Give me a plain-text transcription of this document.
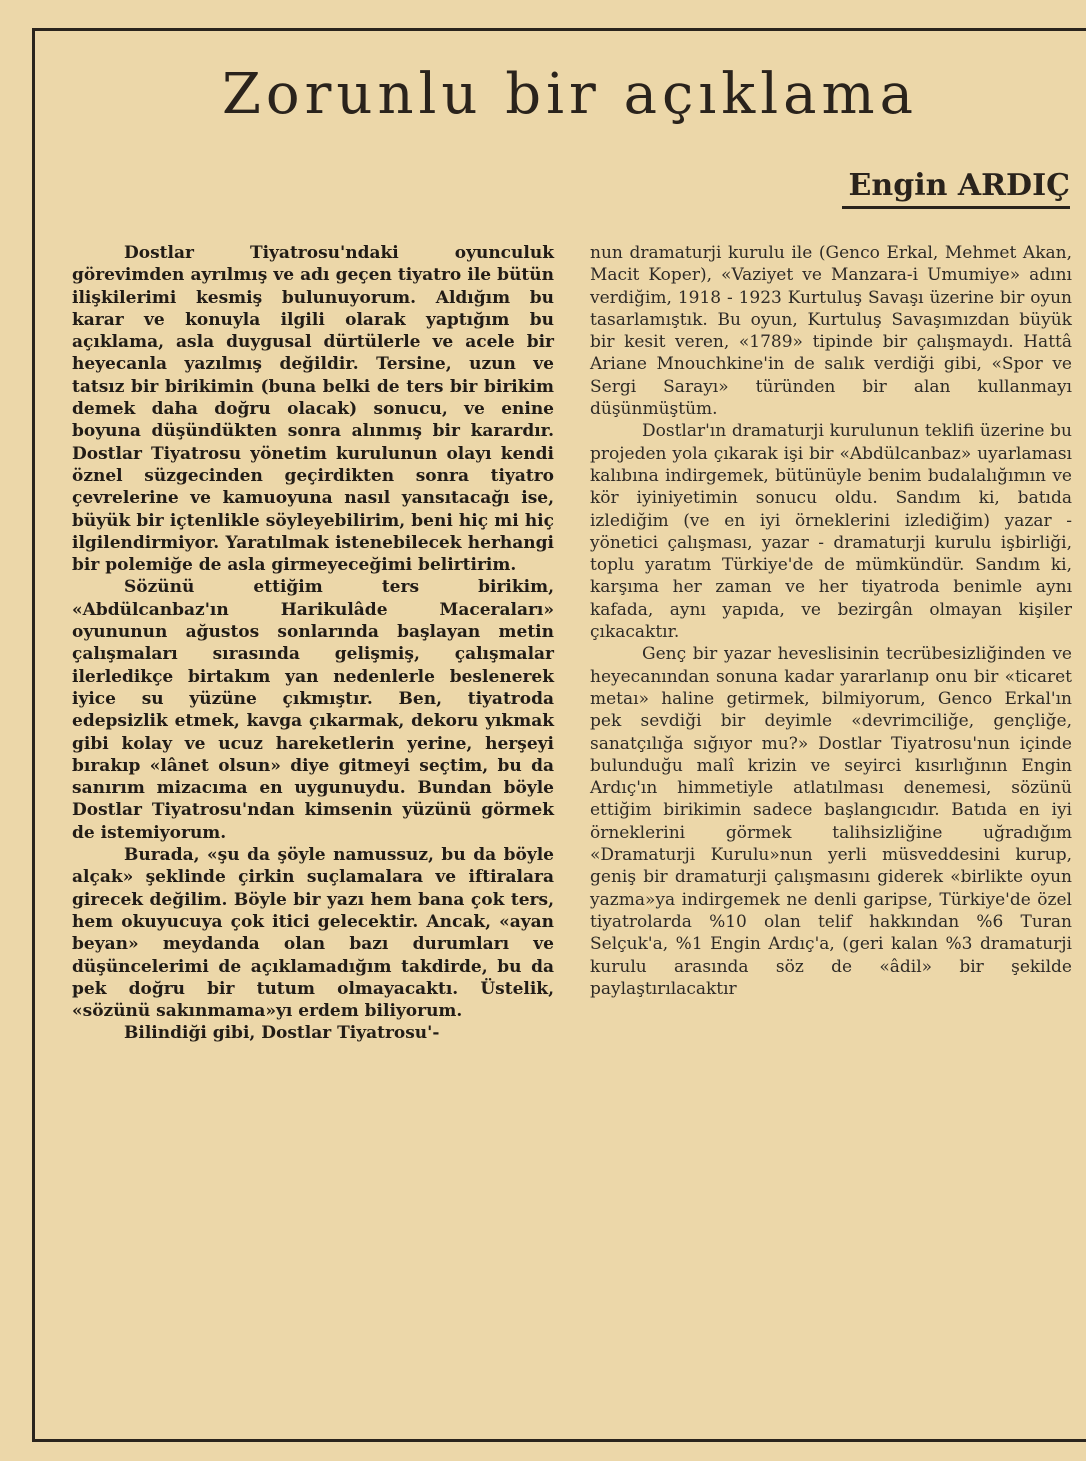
Zorunlu bir açıklama
Engin ARDIÇ

Dostlar Tiyatrosu'ndaki oyunculuk görevimden ayrılmış ve adı geçen tiyatro ile bütün ilişkilerimi kesmiş bulunuyorum. Aldığım bu karar ve konuyla ilgili olarak yaptığım bu açıklama, asla duygusal dürtülerle ve acele bir heyecanla yazılmış değildir. Tersine, uzun ve tatsız bir birikimin (buna belki de ters bir birikim demek daha doğru olacak) sonucu, ve enine boyuna düşündükten sonra alınmış bir karardır. Dostlar Tiyatrosu yönetim kurulunun olayı kendi öznel süzgecinden geçirdikten sonra tiyatro çevrelerine ve kamuoyuna nasıl yansıtacağı ise, büyük bir içtenlikle söyleyebilirim, beni hiç mi hiç ilgilendirmiyor. Yaratılmak istenebilecek herhangi bir polemiğe de asla girmeyeceğimi belirtirim.

Sözünü ettiğim ters birikim, «Abdülcanbaz'ın Harikulâde Maceraları» oyununun ağustos sonlarında başlayan metin çalışmaları sırasında gelişmiş, çalışmalar ilerledikçe birtakım yan nedenlerle beslenerek iyice su yüzüne çıkmıştır. Ben, tiyatroda edepsizlik etmek, kavga çıkarmak, dekoru yıkmak gibi kolay ve ucuz hareketlerin yerine, herşeyi bırakıp «lânet olsun» diye gitmeyi seçtim, bu da sanırım mizacıma en uygunuydu. Bundan böyle Dostlar Tiyatrosu'ndan kimsenin yüzünü görmek de istemiyorum.

Burada, «şu da şöyle namussuz, bu da böyle alçak» şeklinde çirkin suçlamalara ve iftiralara girecek değilim. Böyle bir yazı hem bana çok ters, hem okuyucuya çok itici gelecektir. Ancak, «ayan beyan» meydanda olan bazı durumları ve düşüncelerimi de açıklamadığım takdirde, bu da pek doğru bir tutum olmayacaktı. Üstelik, «sözünü sakınmama»yı erdem biliyorum.

Bilindiği gibi, Dostlar Tiyatrosu'-

nun dramaturji kurulu ile (Genco Erkal, Mehmet Akan, Macit Koper), «Vaziyet ve Manzara-i Umumiye» adını verdiğim, 1918 - 1923 Kurtuluş Savaşı üzerine bir oyun tasarlamıştık. Bu oyun, Kurtuluş Savaşımızdan büyük bir kesit veren, «1789» tipinde bir çalışmaydı. Hattâ Ariane Mnouchkine'in de salık verdiği gibi, «Spor ve Sergi Sarayı» türünden bir alan kullanmayı düşünmüştüm.

Dostlar'ın dramaturji kurulunun teklifi üzerine bu projeden yola çıkarak işi bir «Abdülcanbaz» uyarlaması kalıbına indirgemek, bütünüyle benim budalalığımın ve kör iyiniyetimin sonucu oldu. Sandım ki, batıda izlediğim (ve en iyi örneklerini izlediğim) yazar - yönetici çalışması, yazar - dramaturji kurulu işbirliği, toplu yaratım Türkiye'de de mümkündür. Sandım ki, karşıma her zaman ve her tiyatroda benimle aynı kafada, aynı yapıda, ve bezirgân olmayan kişiler çıkacaktır.

Genç bir yazar heveslisinin tecrübesizliğinden ve heyecanından sonuna kadar yararlanıp onu bir «ticaret metaı» haline getirmek, bilmiyorum, Genco Erkal'ın pek sevdiği bir deyimle «devrimciliğe, gençliğe, sanatçılığa sığıyor mu?» Dostlar Tiyatrosu'nun içinde bulunduğu malî krizin ve seyirci kısırlığının Engin Ardıç'ın himmetiyle atlatılması denemesi, sözünü ettiğim birikimin sadece başlangıcıdır. Batıda en iyi örneklerini görmek talihsizliğine uğradığım «Dramaturji Kurulu»nun yerli müsveddesini kurup, geniş bir dramaturji çalışmasını giderek «birlikte oyun yazma»ya indirgemek ne denli garipse, Türkiye'de özel tiyatrolarda %10 olan telif hakkından %6 Turan Selçuk'a, %1 Engin Ardıç'a, (geri kalan %3 dramaturji kurulu arasında söz de «âdil» bir şekilde paylaştırılacaktır
